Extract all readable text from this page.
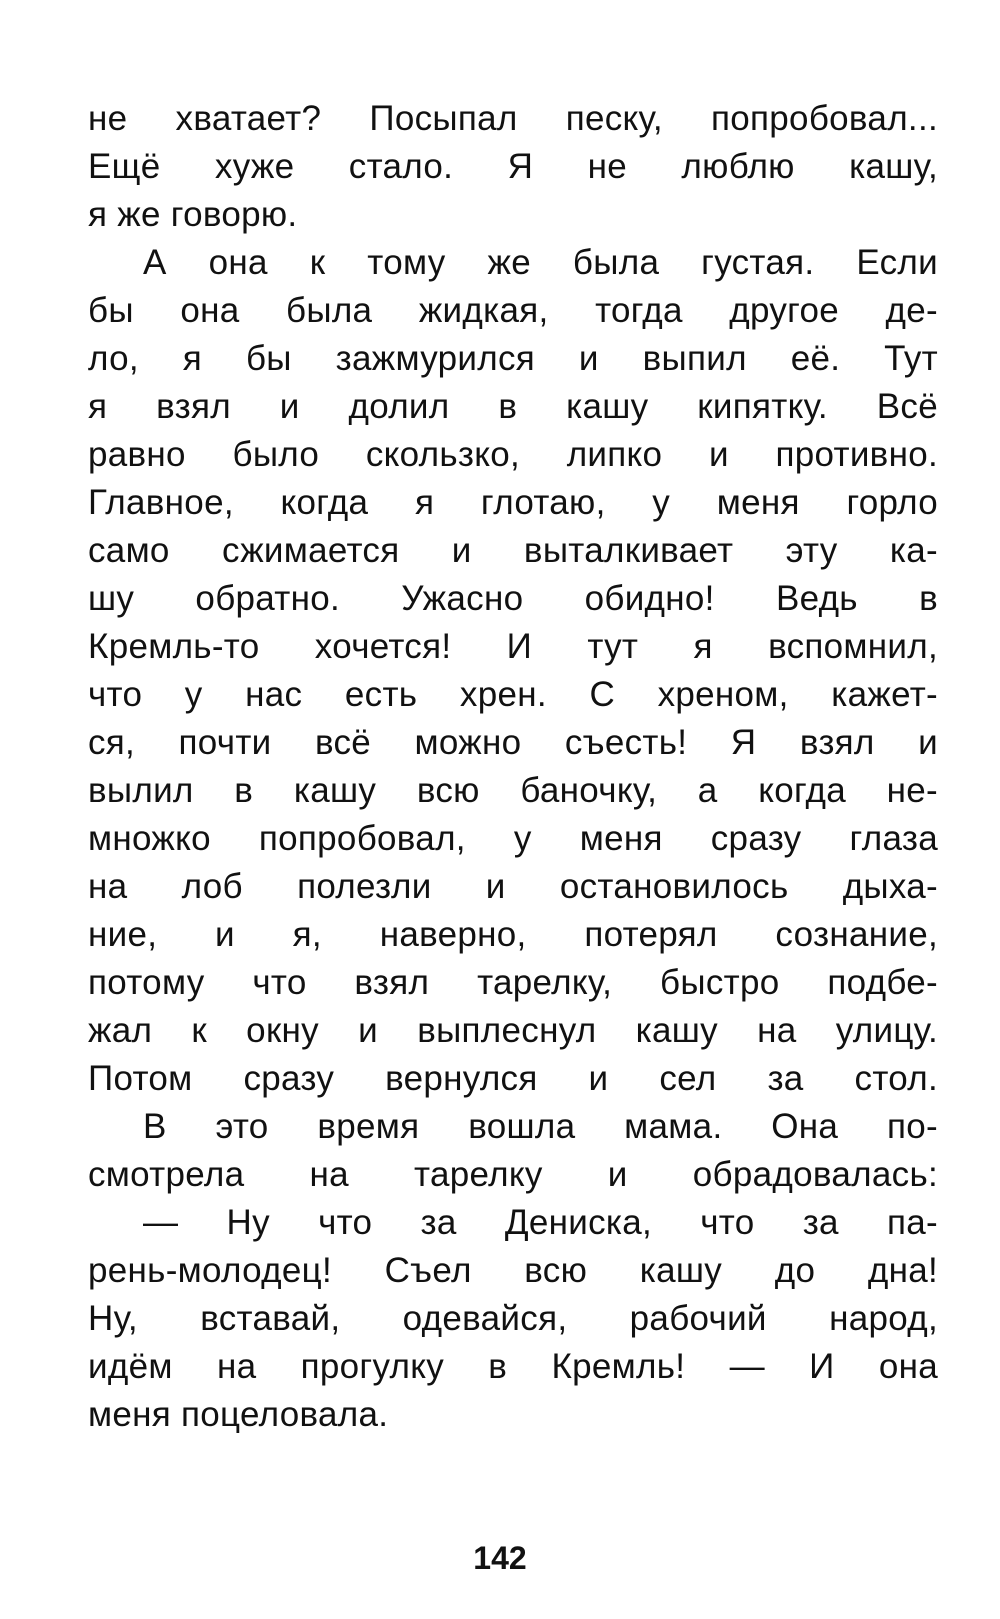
не хватает? Посыпал песку, попробовал...
Ещё хуже стало. Я не люблю кашу,
я же говорю.
А она к тому же была густая. Если
бы она была жидкая, тогда другое де-
ло, я бы зажмурился и выпил её. Тут
я взял и долил в кашу кипятку. Всё
равно было скользко, липко и противно.
Главное, когда я глотаю, у меня горло
само сжимается и выталкивает эту ка-
шу обратно. Ужасно обидно! Ведь в
Кремль-то хочется! И тут я вспомнил,
что у нас есть хрен. С хреном, кажет-
ся, почти всё можно съесть! Я взял и
вылил в кашу всю баночку, а когда не-
множко попробовал, у меня сразу глаза
на лоб полезли и остановилось дыха-
ние, и я, наверно, потерял сознание,
потому что взял тарелку, быстро подбе-
жал к окну и выплеснул кашу на улицу.
Потом сразу вернулся и сел за стол.
В это время вошла мама. Она по-
смотрела на тарелку и обрадовалась:
— Ну что за Дениска, что за па-
рень-молодец! Съел всю кашу до дна!
Ну, вставай, одевайся, рабочий народ,
идём на прогулку в Кремль! — И она
меня поцеловала.
142
